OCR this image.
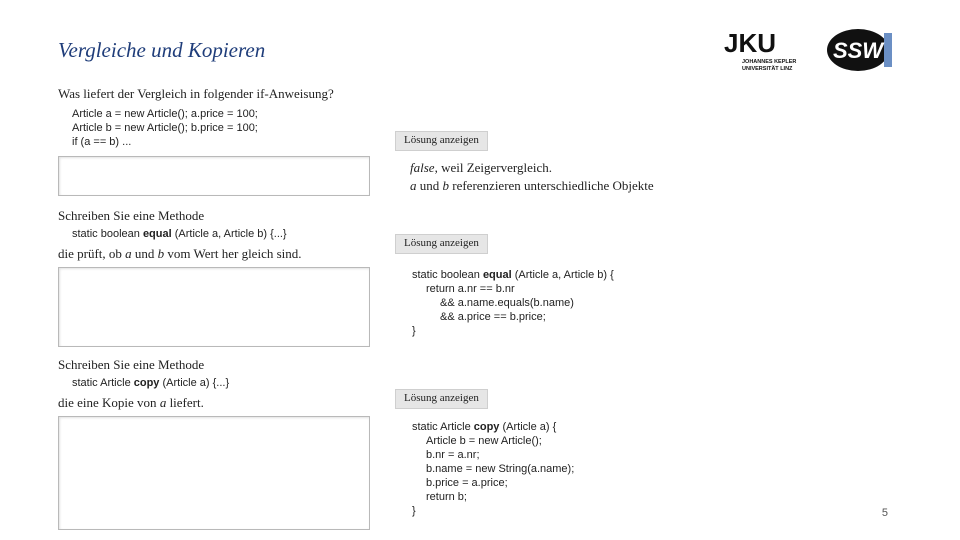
Vergleiche und Kopieren	JKU
JOHANNES KEPLER
UNIVERSITÄT LINZ
SSW
Was liefert der Vergleich in folgender if-Anweisung?
Article a = new Article(); a.price = 100;
Article b = new Article(); b.price = 100;
if (a == b) ...	Lösung anzeigen
false, weil Zeigervergleich.
a und b referenzieren unterschiedliche Objekte
Schreiben Sie eine Methode
static boolean equal (Article a, Article b) {...}
die prüft, ob a und b vom Wert her gleich sind.
Lösung anzeigen
static boolean equal (Article a, Article b) {
return a.nr == b.nr
&& a.name.equals(b.name)
&& a.price == b.price;
}
Schreiben Sie eine Methode
static Article copy (Article a) {...}
die eine Kopie von a liefert.	Lösung anzeigen
static Article copy (Article a) {
Article b = new Article();
b.nr = a.nr;
b.name = new String(a.name);
b.price = a.price;
return b;
}	5
